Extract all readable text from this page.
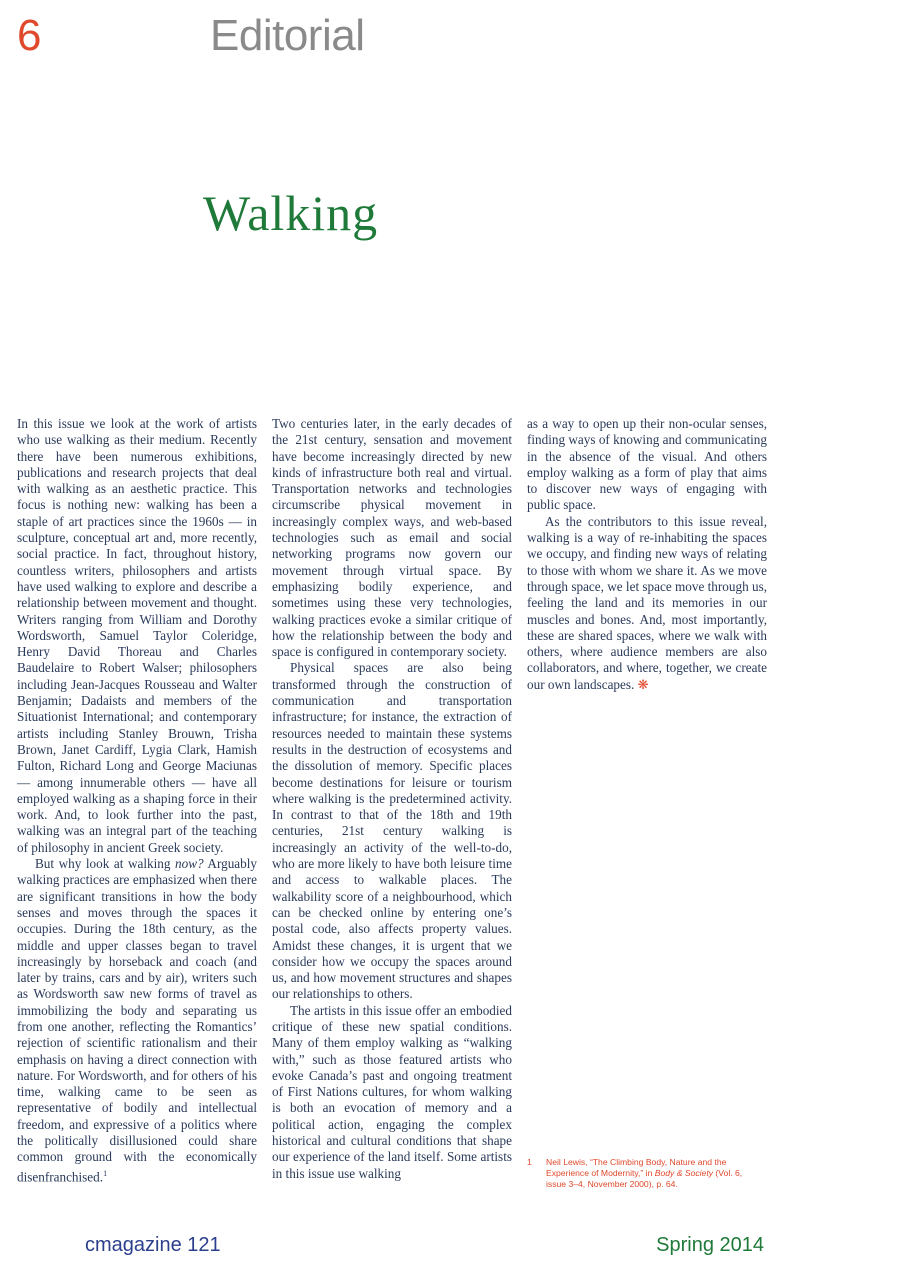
6	Editorial
Walking

In this issue we look at the work of artists who use walking as their medium. Recently there have been numerous exhibitions, publications and research projects that deal with walking as an aesthetic practice. This focus is nothing new: walking has been a staple of art practices since the 1960s — in sculpture, conceptual art and, more recently, social practice. In fact, throughout history, countless writers, philosophers and artists have used walking to explore and describe a relationship between movement and thought. Writers ranging from William and Dorothy Wordsworth, Samuel Taylor Coleridge, Henry David Thoreau and Charles Baudelaire to Robert Walser; philosophers including Jean-Jacques Rousseau and Walter Benjamin; Dadaists and members of the Situationist International; and contemporary artists including Stanley Brouwn, Trisha Brown, Janet Cardiff, Lygia Clark, Hamish Fulton, Richard Long and George Maciunas — among innumerable others — have all employed walking as a shaping force in their work. And, to look further into the past, walking was an integral part of the teaching of philosophy in ancient Greek society.

But why look at walking now? Arguably walking practices are emphasized when there are significant transitions in how the body senses and moves through the spaces it occupies. During the 18th century, as the middle and upper classes began to travel increasingly by horseback and coach (and later by trains, cars and by air), writers such as Wordsworth saw new forms of travel as immobilizing the body and separating us from one another, reflecting the Romantics’ rejection of scientific rationalism and their emphasis on having a direct connection with nature. For Wordsworth, and for others of his time, walking came to be seen as representative of bodily and intellectual freedom, and expressive of a politics where the politically disillusioned could share common ground with the economically disenfranchised.$^1$

Two centuries later, in the early decades of the 21st century, sensation and movement have become increasingly directed by new kinds of infrastructure both real and virtual. Transportation networks and technologies circumscribe physical movement in increasingly complex ways, and web-based technologies such as email and social networking programs now govern our movement through virtual space. By emphasizing bodily experience, and sometimes using these very technologies, walking practices evoke a similar critique of how the relationship between the body and space is configured in contemporary society.

Physical spaces are also being transformed through the construction of communication and transportation infrastructure; for instance, the extraction of resources needed to maintain these systems results in the destruction of ecosystems and the dissolution of memory. Specific places become destinations for leisure or tourism where walking is the predetermined activity. In contrast to that of the 18th and 19th centuries, 21st century walking is increasingly an activity of the well-to-do, who are more likely to have both leisure time and access to walkable places. The walkability score of a neighbourhood, which can be checked online by entering one’s postal code, also affects property values. Amidst these changes, it is urgent that we consider how we occupy the spaces around us, and how movement structures and shapes our relationships to others.

The artists in this issue offer an embodied critique of these new spatial conditions. Many of them employ walking as “walking with,” such as those featured artists who evoke Canada’s past and ongoing treatment of First Nations cultures, for whom walking is both an evocation of memory and a political action, engaging the complex historical and cultural conditions that shape our experience of the land itself. Some artists in this issue use walking

as a way to open up their non-ocular senses, finding ways of knowing and communicating in the absence of the visual. And others employ walking as a form of play that aims to discover new ways of engaging with public space.

As the contributors to this issue reveal, walking is a way of re-inhabiting the spaces we occupy, and finding new ways of relating to those with whom we share it. As we move through space, we let space move through us, feeling the land and its memories in our muscles and bones. And, most importantly, these are shared spaces, where we walk with others, where audience members are also collaborators, and where, together, we create our own landscapes. ❋

1 Neil Lewis, “The Climbing Body, Nature and the Experience of Modernity,” in Body & Society (Vol. 6, issue 3–4, November 2000), p. 64.
cmagazine 121	Spring 2014
